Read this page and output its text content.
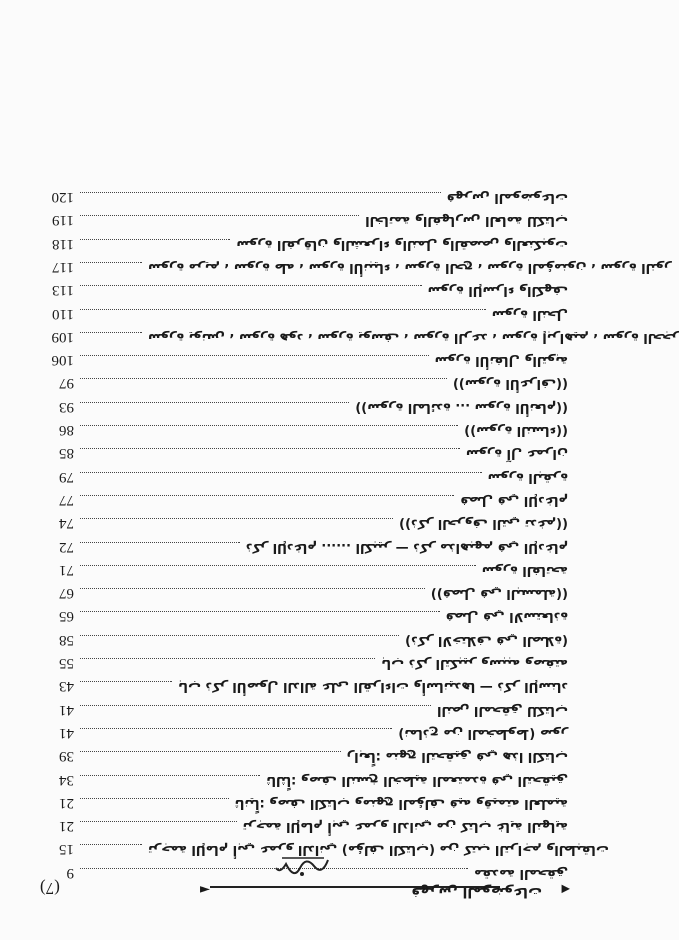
(7)	◄	فهرس الموضوعات ◀
مقدمة المحقق
9
ترجمة الإمام أبي عمرو الداني (مؤلف الكتاب) من كتب التراجم والطبقات
15
ترجمة الإمام أبي عمرو الداني من كتاب غاية النهاية
21
ثانياً: وصف الكتاب ومنهج المؤلف فيه وقيمته العلمية
21
ثالثاً: وصف النسخ الخطية المعتمدة في التحقيق
34
رابعاً: منهج التحقيق في هذا الكتاب
39
(نماذج من المخطوط) صور
41
النص المحقق للكتاب
41
باب ذكر الأصول الدالة على القراءات وأسانيدها — ذكر الإسناد
43
باب ذكر التكبير وسببه وصفته
55
(ذكر الاختلاف في الصلاة)
58
فصل في الاستعاذة
65
((فصل في البسملة))
67
سورة الفاتحة
71
ذكر الإدغام ...... الكبير — ذكر مذاهبهم في الإدغام
72
((ذكر الحروف التي تدغم))
74
فصل في الإدغام
77
سورة البقرة
79
سورة آل عمران
85
((سورة النساء))
86
((سورة المائدة ... سورة الأنعام))
93
((سورة الأعراف))
97
سورة الأنفال والتوبة
106
سورة يونس ، سورة هود ، سورة يوسف ، سورة الرعد ، سورة إبراهيم ، سورة الحجر
109
سورة النحل
110
سورة الإسراء والكهف
113
سورة مريم ، سورة طه ، سورة الأنبياء ، سورة الحج ، سورة المؤمنون ، سورة النور
117
سورة الفرقان والشعراء والنمل والقصص والعنكبوت
118
الخاتمة والفهارس العامة للكتاب
119
فهرس الموضوعات
120
